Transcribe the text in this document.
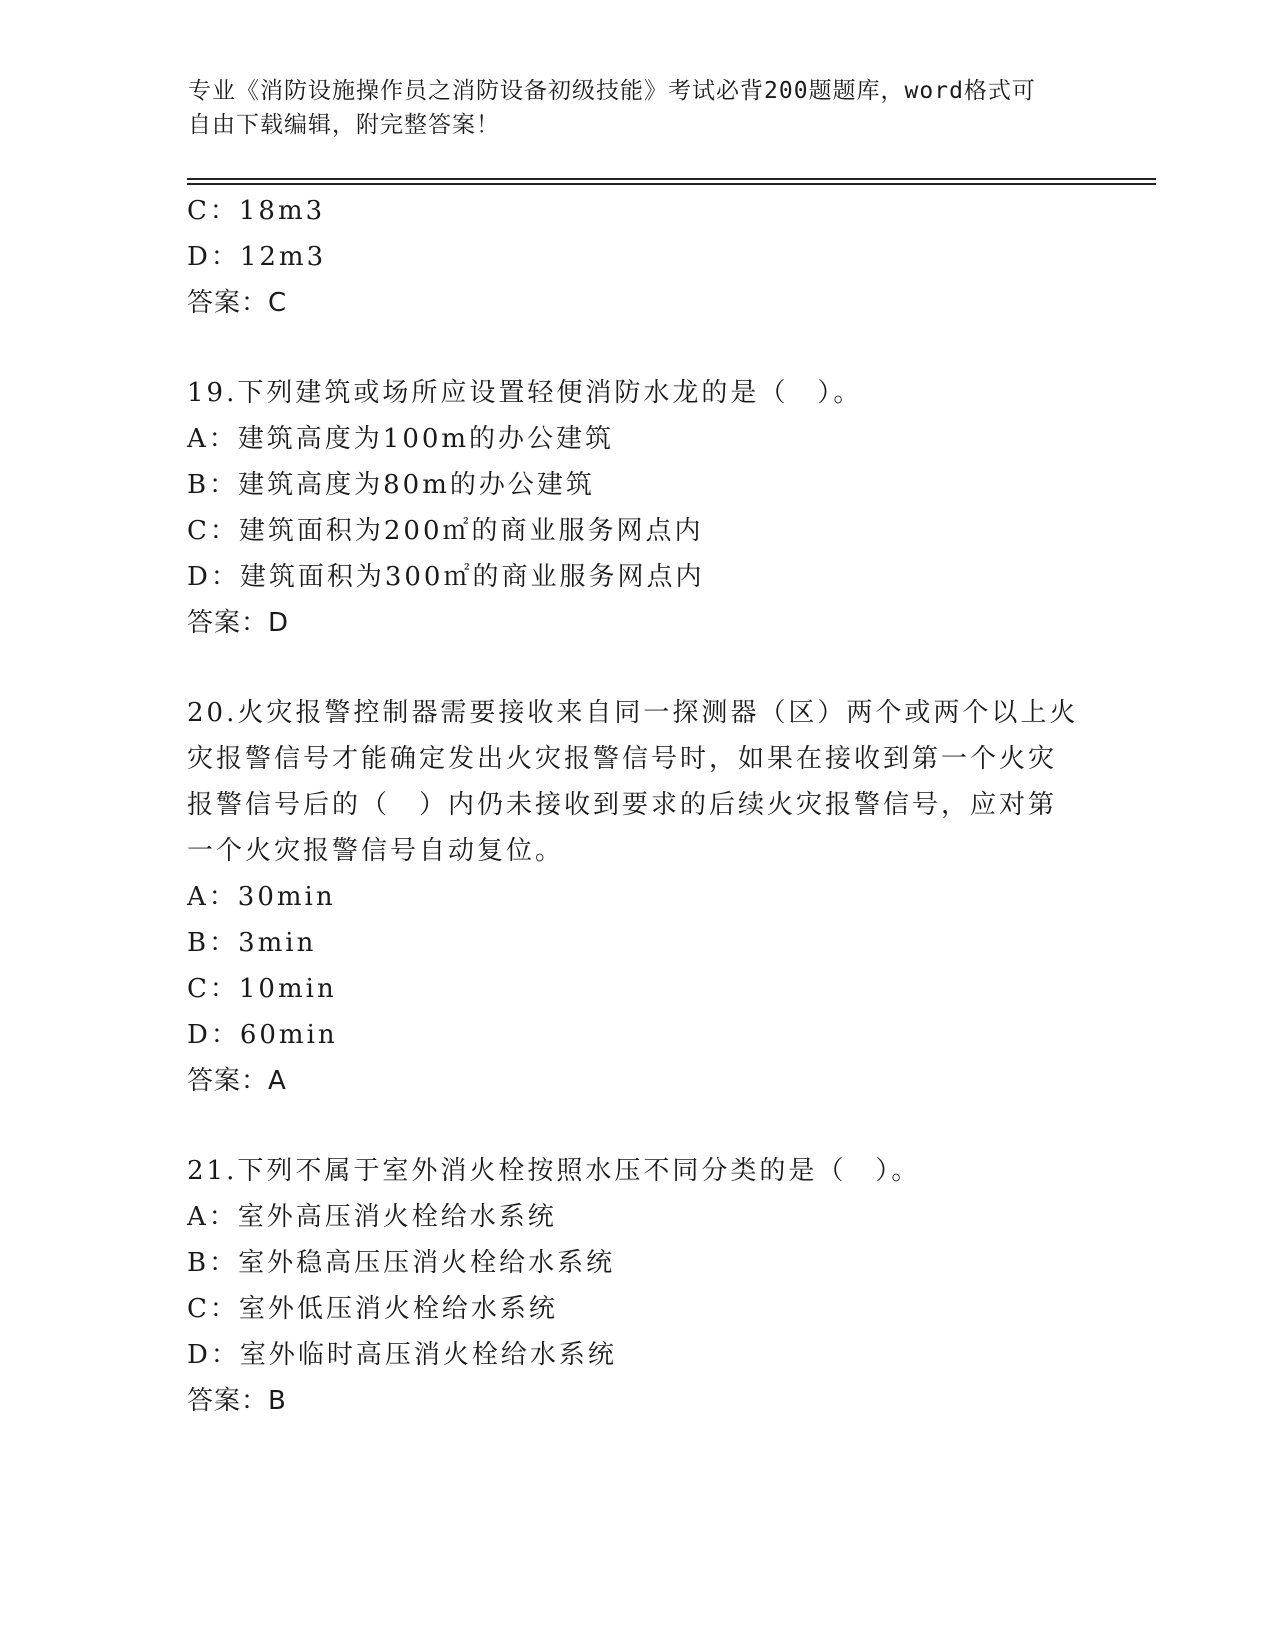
专业《消防设施操作员之消防设备初级技能》考试必背200题题库，word格式可
自由下载编辑，附完整答案！
C：18m3
D：12m3
答案：C
19.下列建筑或场所应设置轻便消防水龙的是（　）。
A：建筑高度为100m的办公建筑
B：建筑高度为80m的办公建筑
C：建筑面积为200㎡的商业服务网点内
D：建筑面积为300㎡的商业服务网点内
答案：D
20.火灾报警控制器需要接收来自同一探测器（区）两个或两个以上火
灾报警信号才能确定发出火灾报警信号时，如果在接收到第一个火灾
报警信号后的（　）内仍未接收到要求的后续火灾报警信号，应对第
一个火灾报警信号自动复位。
A：30min
B：3min
C：10min
D：60min
答案：A
21.下列不属于室外消火栓按照水压不同分类的是（　）。
A：室外高压消火栓给水系统
B：室外稳高压压消火栓给水系统
C：室外低压消火栓给水系统
D：室外临时高压消火栓给水系统
答案：B
